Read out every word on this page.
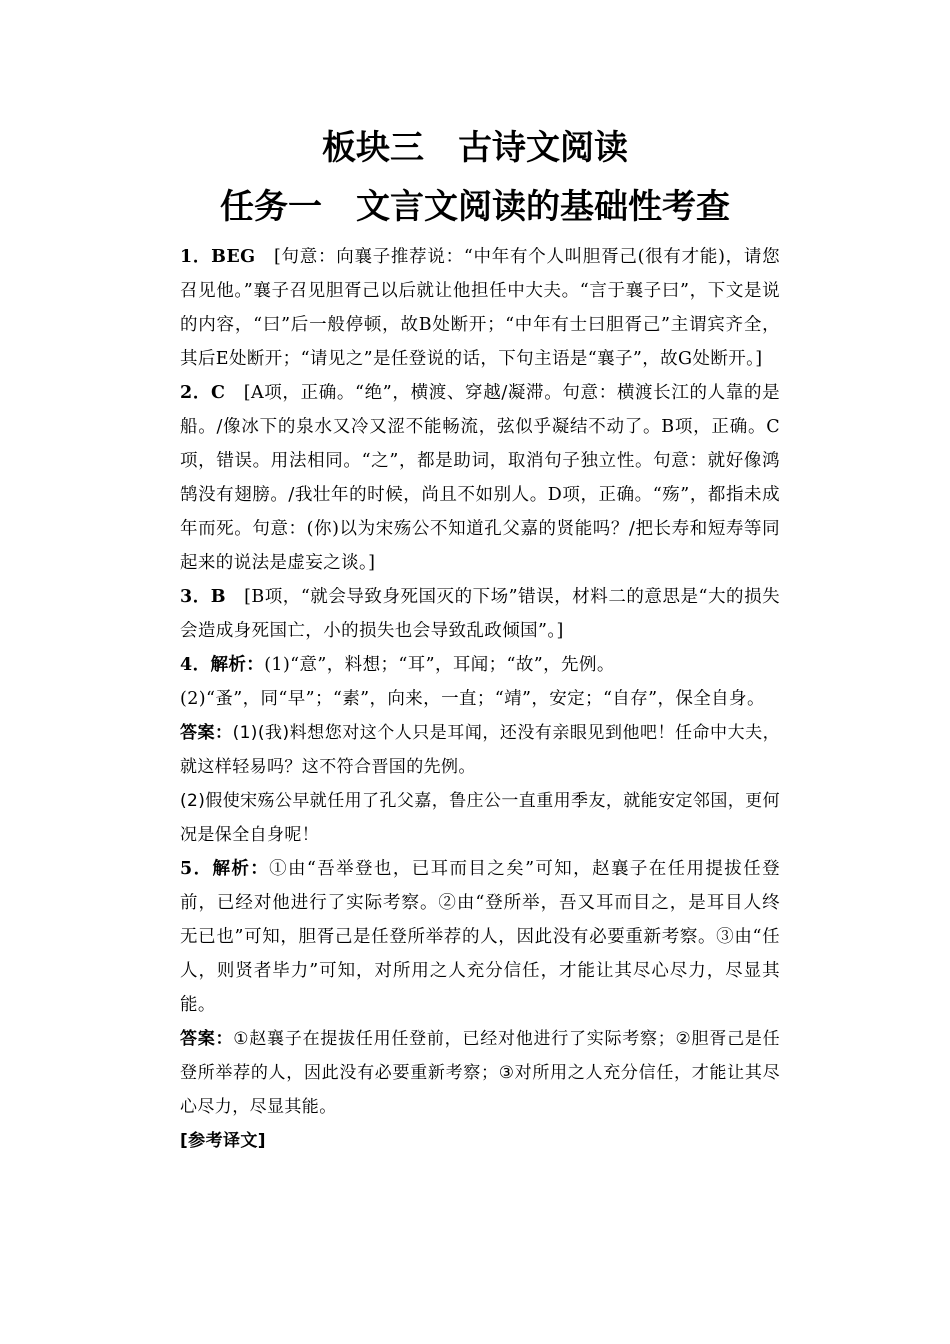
板块三　古诗文阅读
任务一　文言文阅读的基础性考查

1．BEG　[句意：向襄子推荐说：“中年有个人叫胆胥己(很有才能)，请您召见他。”襄子召见胆胥己以后就让他担任中大夫。“言于襄子曰”，下文是说的内容，“曰”后一般停顿，故B处断开；“中年有士曰胆胥己”主谓宾齐全，其后E处断开；“请见之”是任登说的话，下句主语是“襄子”，故G处断开。]

2．C　[A项，正确。“绝”，横渡、穿越/凝滞。句意：横渡长江的人靠的是船。/像冰下的泉水又冷又涩不能畅流，弦似乎凝结不动了。B项，正确。C项，错误。用法相同。“之”，都是助词，取消句子独立性。句意：就好像鸿鹄没有翅膀。/我壮年的时候，尚且不如别人。D项，正确。“殇”，都指未成年而死。句意：(你)以为宋殇公不知道孔父嘉的贤能吗？/把长寿和短寿等同起来的说法是虚妄之谈。]

3．B　[B项，“就会导致身死国灭的下场”错误，材料二的意思是“大的损失会造成身死国亡，小的损失也会导致乱政倾国”。]

4．解析：(1)“意”，料想；“耳”，耳闻；“故”，先例。

(2)“蚤”，同“早”；“素”，向来，一直；“靖”，安定；“自存”，保全自身。

答案：(1)(我)料想您对这个人只是耳闻，还没有亲眼见到他吧！任命中大夫，就这样轻易吗？这不符合晋国的先例。

(2)假使宋殇公早就任用了孔父嘉，鲁庄公一直重用季友，就能安定邻国，更何况是保全自身呢！

5．解析：①由“吾举登也，已耳而目之矣”可知，赵襄子在任用提拔任登前，已经对他进行了实际考察。②由“登所举，吾又耳而目之，是耳目人终无已也”可知，胆胥己是任登所举荐的人，因此没有必要重新考察。③由“任人，则贤者毕力”可知，对所用之人充分信任，才能让其尽心尽力，尽显其能。

答案：①赵襄子在提拔任用任登前，已经对他进行了实际考察；②胆胥己是任登所举荐的人，因此没有必要重新考察；③对所用之人充分信任，才能让其尽心尽力，尽显其能。

[参考译文]
